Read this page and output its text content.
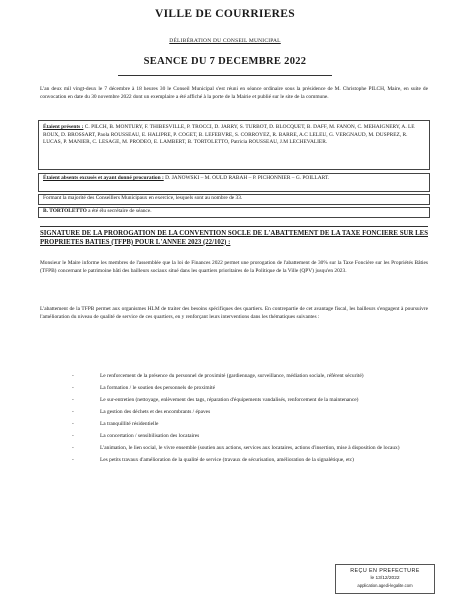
VILLE DE COURRIERES
DÉLIBÉRATION DU CONSEIL MUNICIPAL
SEANCE DU 7 DECEMBRE 2022
L'an deux mil vingt-deux le 7 décembre à 18 heures 30 le Conseil Municipal s'est réuni en séance ordinaire sous la présidence de M. Christophe PILCH, Maire, en suite de convocation en date du 30 novembre 2022 dont un exemplaire a été affiché à la porte de la Mairie et publié sur le site de la commune.
Étaient présents : C. PILCH, B. MONTURY, F. THIBESVILLE, P. TROCCI, D. JARRY, S. TURBOT, D. BLOCQUET, B. DAFF, M. FANON, C. MEHAIGNERY, A. LE ROUX, D. BROSSART, Paola ROUSSEAU, E. HALIPRE, P. COGET, B. LEFEBVRE, S. CORROYEZ, R. BARRE, A.C LELEU, G. VERGNAUD, M. DUSPREZ, R. LUCAS, P. MANIER, C. LESAGE, M. PRODEO, E. LAMBERT, B. TORTOLETTO, Patricia ROUSSEAU, J.M LECHEVALIER.
Étaient absents excusés et ayant donné procuration : D. JANOWSKI – M. OULD RABAH – P. PICHONNIER – G. POILLART.
Formant la majorité des Conseillers Municipaux en exercice, lesquels sont au nombre de 33.
B. TORTOLETTO a été élu secrétaire de séance.
SIGNATURE DE LA PROROGATION DE LA CONVENTION SOCLE DE L'ABATTEMENT DE LA TAXE FONCIERE SUR LES PROPRIETES BATIES (TFPB) POUR L'ANNEE 2023 (22/102) :
Monsieur le Maire informe les membres de l'assemblée que la loi de Finances 2022 permet une prorogation de l'abattement de 30% sur la Taxe Foncière sur les Propriétés Bâties (TFPB) concernant le patrimoine bâti des bailleurs sociaux situé dans les quartiers prioritaires de la Politique de la Ville (QPV) jusqu'en 2023.
L'abattement de la TFPB permet aux organismes HLM de traiter des besoins spécifiques des quartiers. En contrepartie de cet avantage fiscal, les bailleurs s'engagent à poursuivre l'amélioration du niveau de qualité de service de ces quartiers, en y renforçant leurs interventions dans les thématiques suivantes :
-	Le renforcement de la présence du personnel de proximité (gardiennage, surveillance, médiation sociale, référent sécurité)
-	La formation / le soutien des personnels de proximité
-	Le sur-entretien (nettoyage, enlèvement des tags, réparation d'équipements vandalisés, renforcement de la maintenance)
-	La gestion des déchets et des encombrants / épaves
-	La tranquillité résidentielle
-	La concertation / sensibilisation des locataires
-	L'animation, le lien social, le vivre ensemble (soutien aux actions, services aux locataires, actions d'insertion, mise à disposition de locaux)
-	Les petits travaux d'amélioration de la qualité de service (travaux de sécurisation, amélioration de la signalétique, etc)
REÇU EN PREFECTURE
le 13/12/2022
application.agedi-legalite.com
